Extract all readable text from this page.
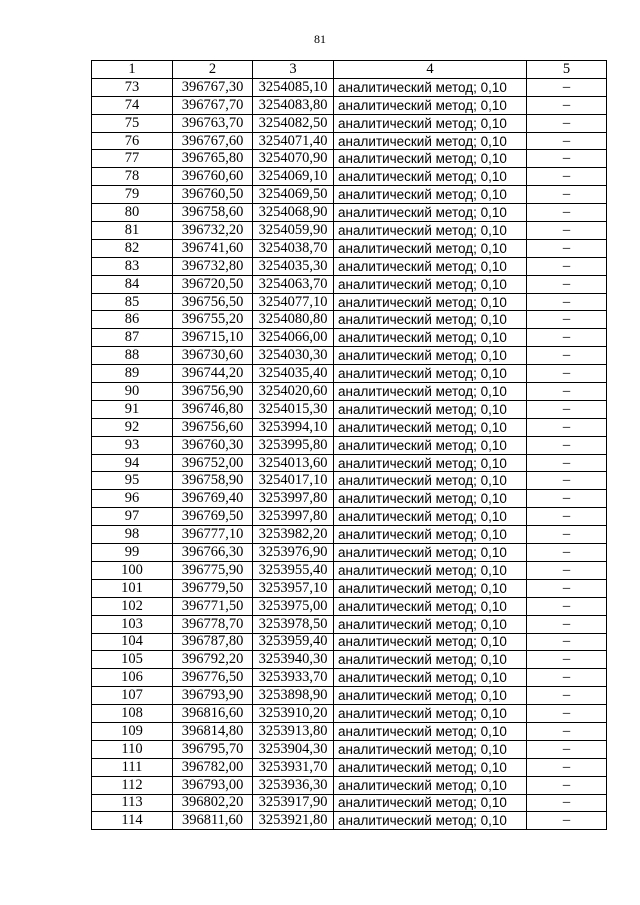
81
1	2	3	4	5
73	396767,30	3254085,10	аналитический метод; 0,10	–
74	396767,70	3254083,80	аналитический метод; 0,10	–
75	396763,70	3254082,50	аналитический метод; 0,10	–
76	396767,60	3254071,40	аналитический метод; 0,10	–
77	396765,80	3254070,90	аналитический метод; 0,10	–
78	396760,60	3254069,10	аналитический метод; 0,10	–
79	396760,50	3254069,50	аналитический метод; 0,10	–
80	396758,60	3254068,90	аналитический метод; 0,10	–
81	396732,20	3254059,90	аналитический метод; 0,10	–
82	396741,60	3254038,70	аналитический метод; 0,10	–
83	396732,80	3254035,30	аналитический метод; 0,10	–
84	396720,50	3254063,70	аналитический метод; 0,10	–
85	396756,50	3254077,10	аналитический метод; 0,10	–
86	396755,20	3254080,80	аналитический метод; 0,10	–
87	396715,10	3254066,00	аналитический метод; 0,10	–
88	396730,60	3254030,30	аналитический метод; 0,10	–
89	396744,20	3254035,40	аналитический метод; 0,10	–
90	396756,90	3254020,60	аналитический метод; 0,10	–
91	396746,80	3254015,30	аналитический метод; 0,10	–
92	396756,60	3253994,10	аналитический метод; 0,10	–
93	396760,30	3253995,80	аналитический метод; 0,10	–
94	396752,00	3254013,60	аналитический метод; 0,10	–
95	396758,90	3254017,10	аналитический метод; 0,10	–
96	396769,40	3253997,80	аналитический метод; 0,10	–
97	396769,50	3253997,80	аналитический метод; 0,10	–
98	396777,10	3253982,20	аналитический метод; 0,10	–
99	396766,30	3253976,90	аналитический метод; 0,10	–
100	396775,90	3253955,40	аналитический метод; 0,10	–
101	396779,50	3253957,10	аналитический метод; 0,10	–
102	396771,50	3253975,00	аналитический метод; 0,10	–
103	396778,70	3253978,50	аналитический метод; 0,10	–
104	396787,80	3253959,40	аналитический метод; 0,10	–
105	396792,20	3253940,30	аналитический метод; 0,10	–
106	396776,50	3253933,70	аналитический метод; 0,10	–
107	396793,90	3253898,90	аналитический метод; 0,10	–
108	396816,60	3253910,20	аналитический метод; 0,10	–
109	396814,80	3253913,80	аналитический метод; 0,10	–
110	396795,70	3253904,30	аналитический метод; 0,10	–
111	396782,00	3253931,70	аналитический метод; 0,10	–
112	396793,00	3253936,30	аналитический метод; 0,10	–
113	396802,20	3253917,90	аналитический метод; 0,10	–
114	396811,60	3253921,80	аналитический метод; 0,10	–
